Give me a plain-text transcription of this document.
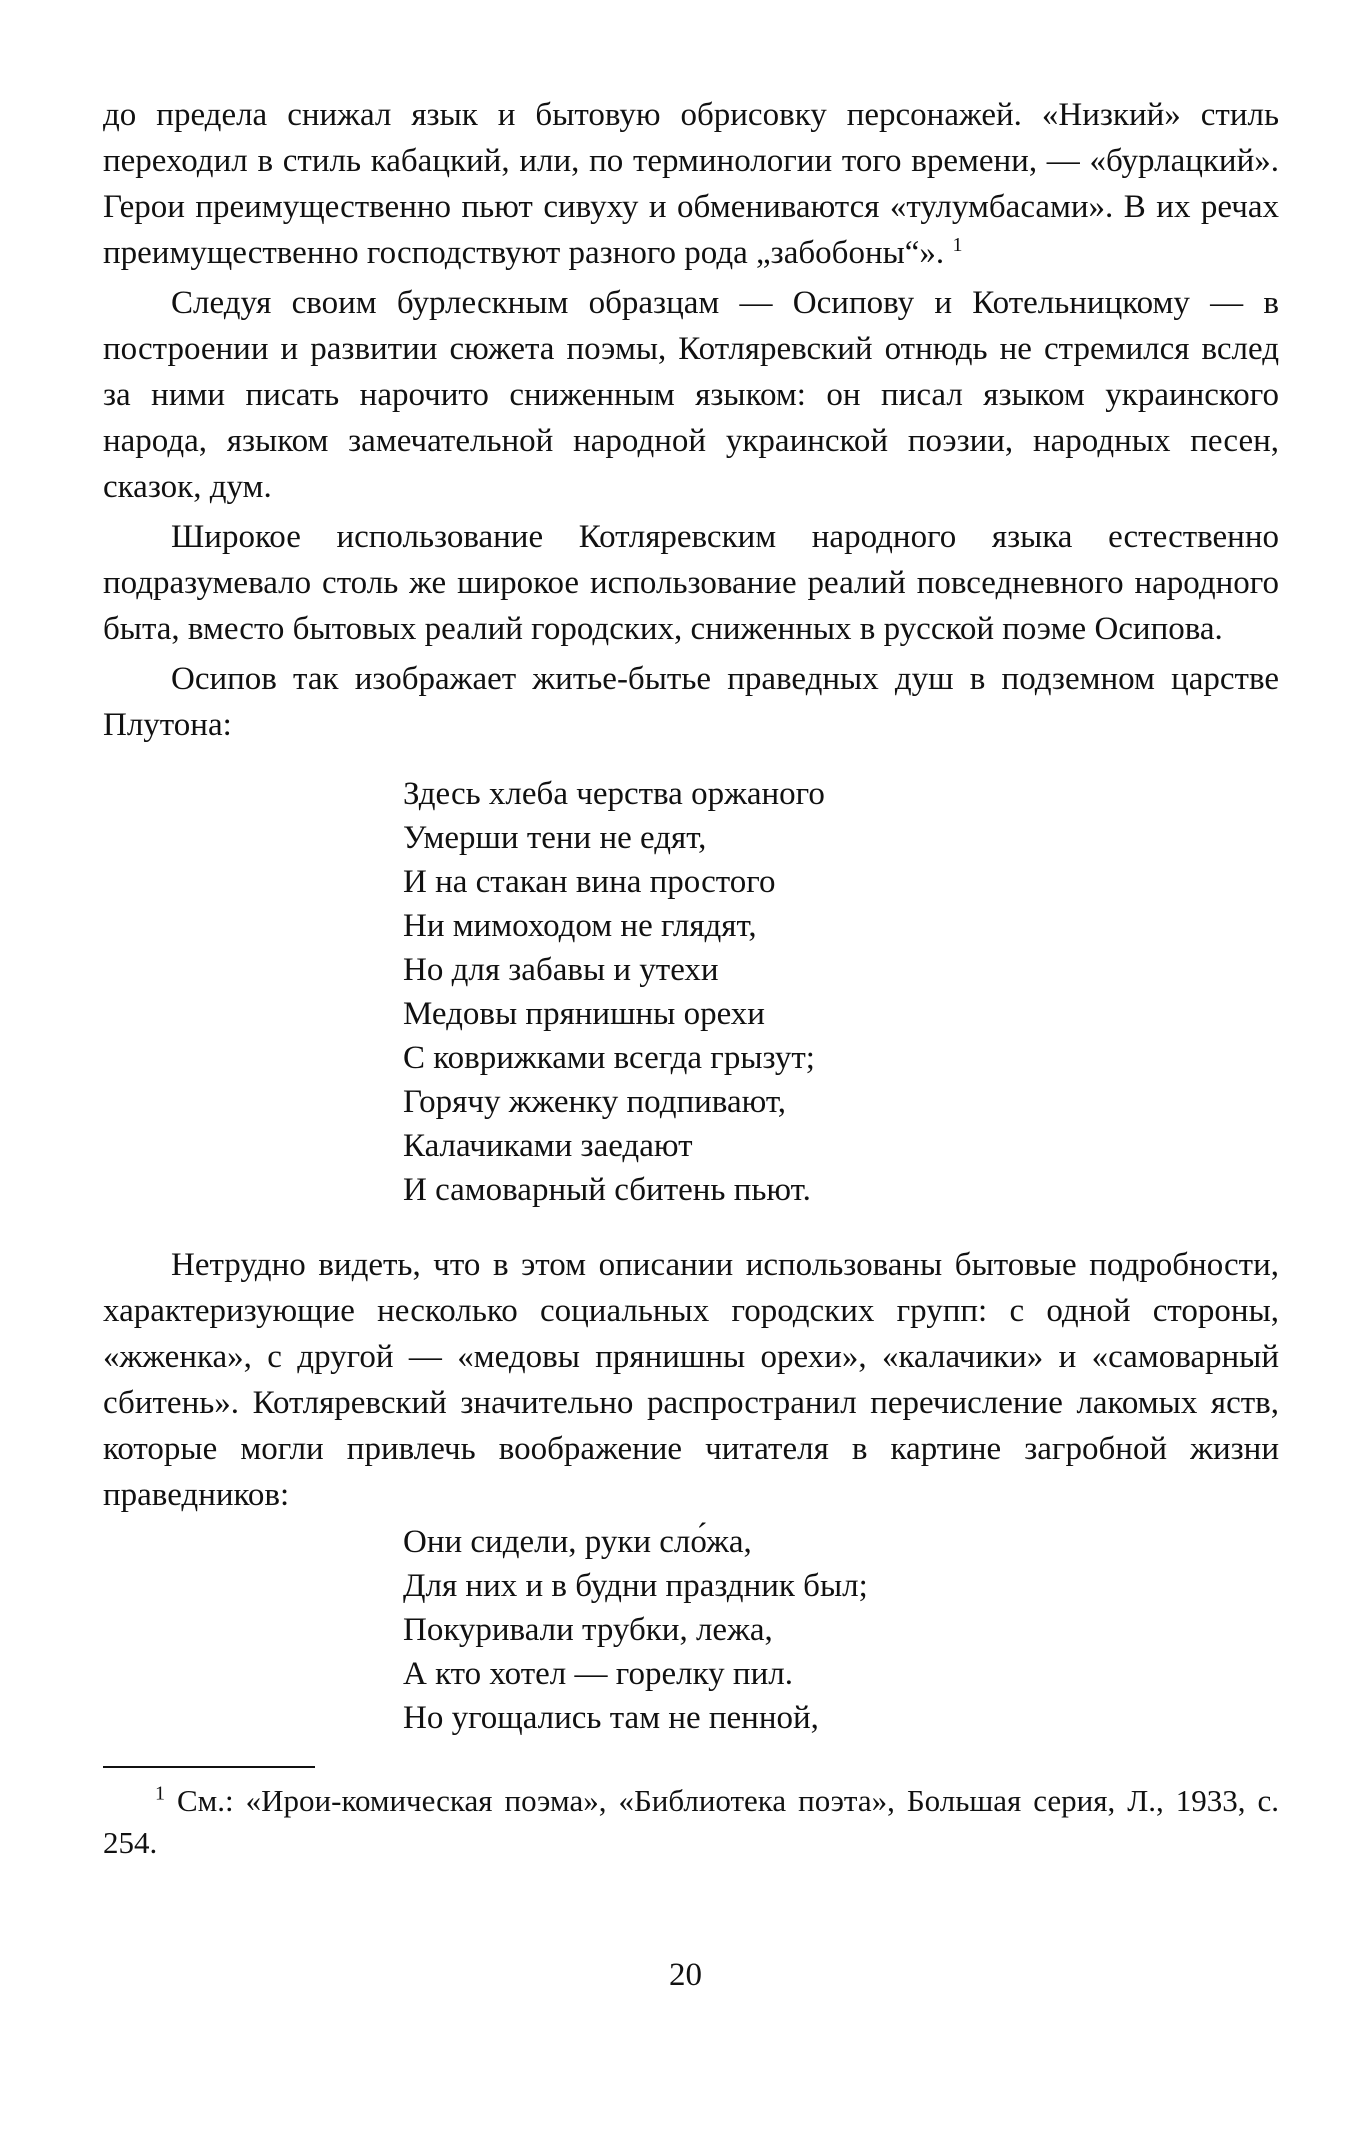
до предела снижал язык и бытовую обрисовку персонажей. «Низкий» стиль переходил в стиль кабацкий, или, по терминологии того времени, — «бурлацкий». Герои преимущественно пьют сивуху и обмениваются «тулумбасами». В их речах преимущественно господствуют разного рода „забобоны“». $^1$

Следуя своим бурлескным образцам — Осипову и Котельницкому — в построении и развитии сюжета поэмы, Котляревский отнюдь не стремился вслед за ними писать нарочито сниженным языком: он писал языком украинского народа, языком замечательной народной украинской поэзии, народных песен, сказок, дум.

Широкое использование Котляревским народного языка естественно подразумевало столь же широкое использование реалий повседневного народного быта, вместо бытовых реалий городских, сниженных в русской поэме Осипова.

Осипов так изображает житье-бытье праведных душ в подземном царстве Плутона:

Здесь хлеба черства оржаного
Умерши тени не едят,
И на стакан вина простого
Ни мимоходом не глядят,
Но для забавы и утехи
Медовы прянишны орехи
С коврижками всегда грызут;
Горячу жженку подпивают,
Калачиками заедают
И самоварный сбитень пьют.

Нетрудно видеть, что в этом описании использованы бытовые подробности, характеризующие несколько социальных городских групп: с одной стороны, «жженка», с другой — «медовы прянишны орехи», «калачики» и «самоварный сбитень». Котляревский значительно распространил перечисление лакомых яств, которые могли привлечь воображение читателя в картине загробной жизни праведников:

Они сидели, руки сло́жа,
Для них и в будни праздник был;
Покуривали трубки, лежа,
А кто хотел — горелку пил.
Но угощались там не пенной,

$^1$ См.: «Ирои-комическая поэма», «Библиотека поэта», Большая серия, Л., 1933, с. 254.

20
